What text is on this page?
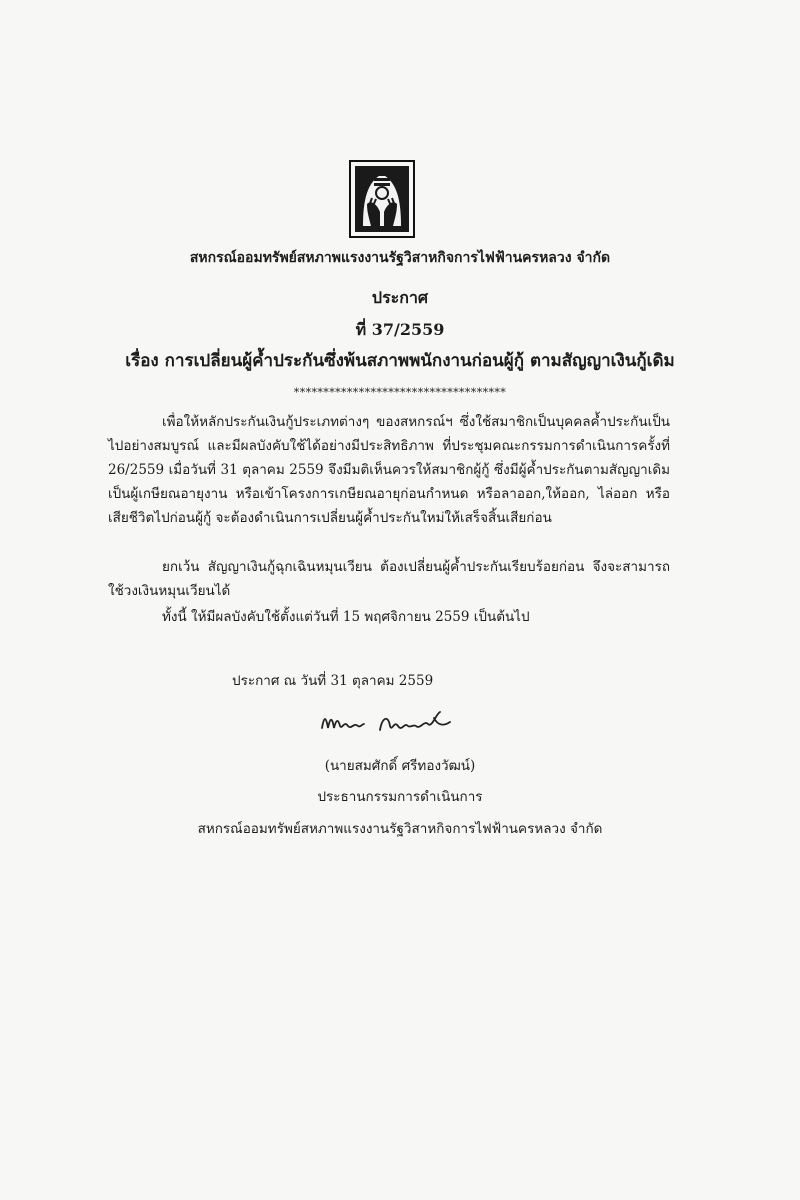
สหกรณ์ออมทรัพย์สหภาพแรงงานรัฐวิสาหกิจการไฟฟ้านครหลวง จำกัด
ประกาศ
ที่ 37/2559
เรื่อง การเปลี่ยนผู้ค้ำประกันซึ่งพ้นสภาพพนักงานก่อนผู้กู้ ตามสัญญาเงินกู้เดิม
************************************
เพื่อให้หลักประกันเงินกู้ประเภทต่างๆ ของสหกรณ์ฯ ซึ่งใช้สมาชิกเป็นบุคคลค้ำประกันเป็นไปอย่างสมบูรณ์ และมีผลบังคับใช้ได้อย่างมีประสิทธิภาพ ที่ประชุมคณะกรรมการดำเนินการครั้งที่ 26/2559 เมื่อวันที่ 31 ตุลาคม 2559 จึงมีมติเห็นควรให้สมาชิกผู้กู้ ซึ่งมีผู้ค้ำประกันตามสัญญาเดิมเป็นผู้เกษียณอายุงาน หรือเข้าโครงการเกษียณอายุก่อนกำหนด หรือลาออก,ให้ออก, ไล่ออก หรือเสียชีวิตไปก่อนผู้กู้ จะต้องดำเนินการเปลี่ยนผู้ค้ำประกันใหม่ให้เสร็จสิ้นเสียก่อน
ยกเว้น สัญญาเงินกู้ฉุกเฉินหมุนเวียน ต้องเปลี่ยนผู้ค้ำประกันเรียบร้อยก่อน จึงจะสามารถใช้วงเงินหมุนเวียนได้
ทั้งนี้ ให้มีผลบังคับใช้ตั้งแต่วันที่ 15 พฤศจิกายน 2559 เป็นต้นไป
ประกาศ ณ วันที่ 31 ตุลาคม 2559
(นายสมศักดิ์ ศรีทองวัฒน์)
ประธานกรรมการดำเนินการ
สหกรณ์ออมทรัพย์สหภาพแรงงานรัฐวิสาหกิจการไฟฟ้านครหลวง จำกัด
